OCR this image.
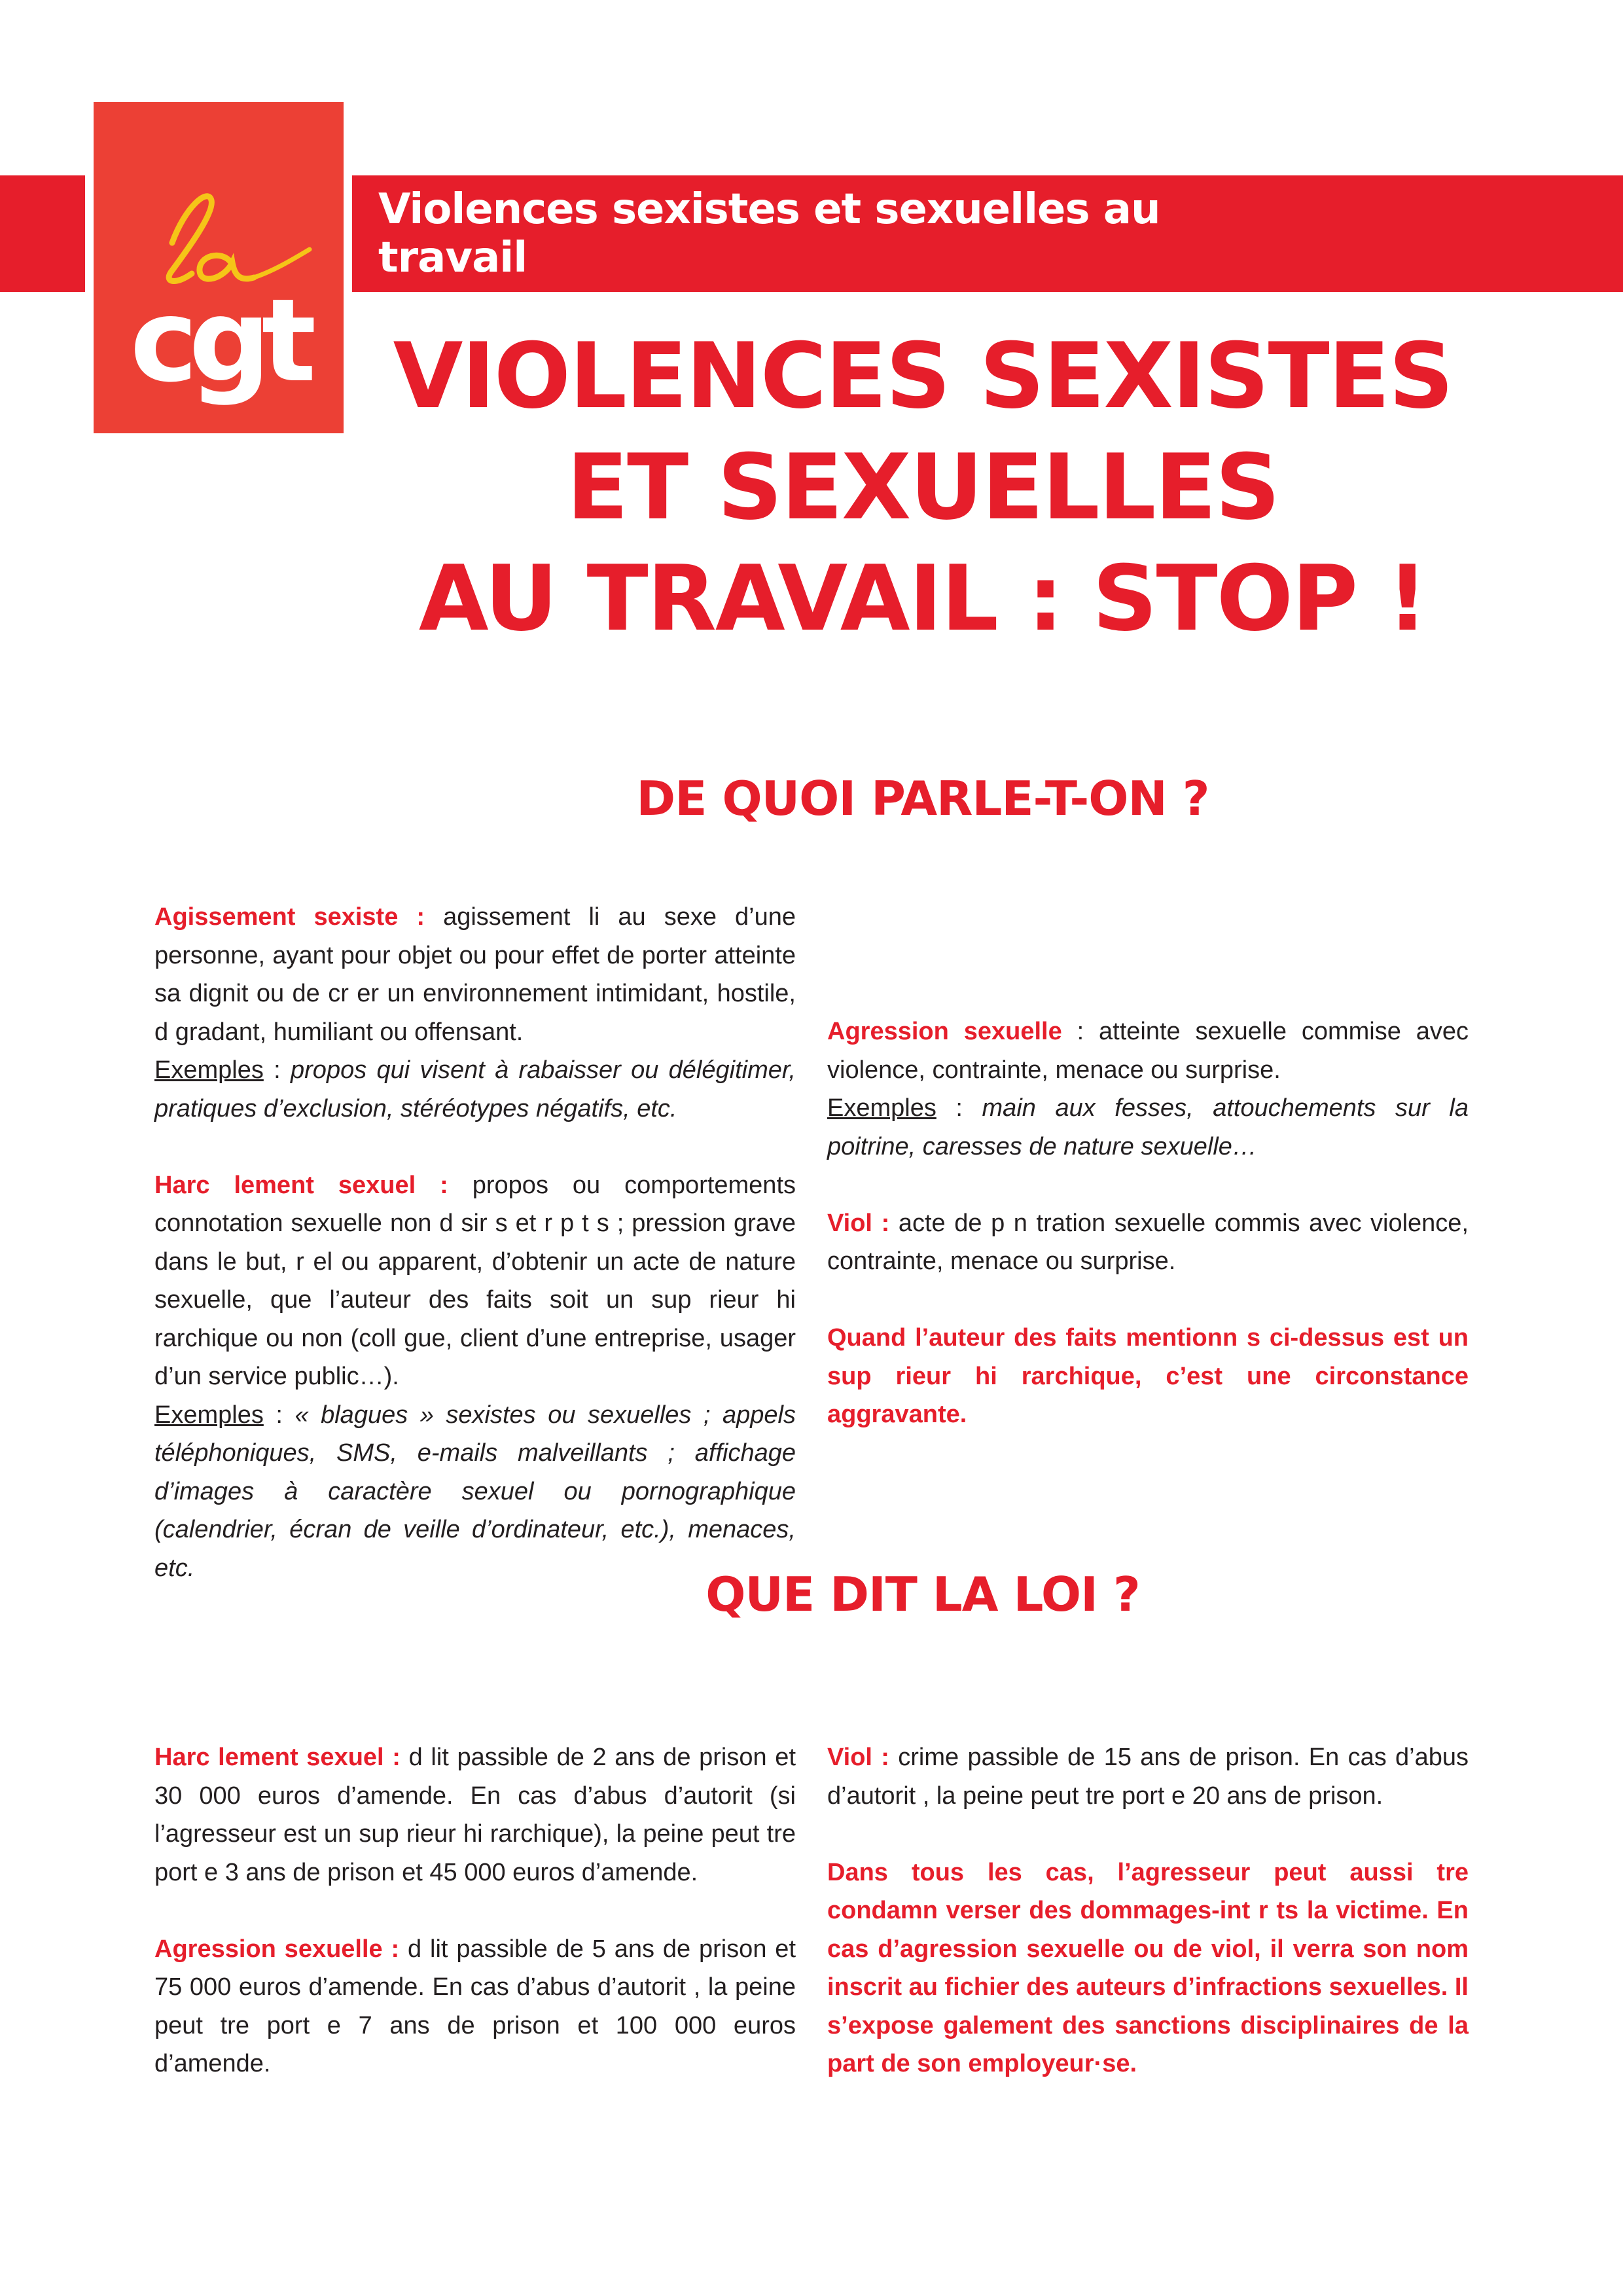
Violences sexistes et sexuelles au travail
cgt VIOLENCES SEXISTES
ET SEXUELLES
AU TRAVAIL : STOP !
DE QUOI PARLE-T-ON ?

Agissement sexiste : agissement li au sexe d’une personne, ayant pour objet ou pour effet de porter atteinte sa dignit ou de cr er un environnement intimidant, hostile, d gradant, humiliant ou offensant.
Exemples : propos qui visent à rabaisser ou délégitimer, pratiques d’exclusion, stéréotypes négatifs, etc.

Harc lement sexuel : propos ou comportements connotation sexuelle non d sir s et r p t s ; pression grave dans le but, r el ou apparent, d’obtenir un acte de nature sexuelle, que l’auteur des faits soit un sup rieur hi rarchique ou non (coll gue, client d’une entreprise, usager d’un service public…).
Exemples : « blagues » sexistes ou sexuelles ; appels téléphoniques, SMS, e-mails malveillants ; affichage d’images à caractère sexuel ou pornographique (calendrier, écran de veille d’ordinateur, etc.), menaces, etc.

Agression sexuelle : atteinte sexuelle commise avec violence, contrainte, menace ou surprise.
Exemples : main aux fesses, attouchements sur la poitrine, caresses de nature sexuelle…

Viol : acte de p n tration sexuelle commis avec violence, contrainte, menace ou surprise.

Quand l’auteur des faits mentionn s ci-dessus est un sup rieur hi rarchique, c’est une circonstance aggravante.

QUE DIT LA LOI ?

Harc lement sexuel : d lit passible de 2 ans de prison et 30 000 euros d’amende. En cas d’abus d’autorit (si l’agresseur est un sup rieur hi rarchique), la peine peut tre port e 3 ans de prison et 45 000 euros d’amende.

Agression sexuelle : d lit passible de 5 ans de prison et 75 000 euros d’amende. En cas d’abus d’autorit , la peine peut tre port e 7 ans de prison et 100 000 euros d’amende.

Viol : crime passible de 15 ans de prison. En cas d’abus d’autorit , la peine peut tre port e 20 ans de prison.

Dans tous les cas, l’agresseur peut aussi tre condamn verser des dommages-int r ts la victime. En cas d’agression sexuelle ou de viol, il verra son nom inscrit au fichier des auteurs d’infractions sexuelles. Il s’expose galement des sanctions disciplinaires de la part de son employeur·se.
